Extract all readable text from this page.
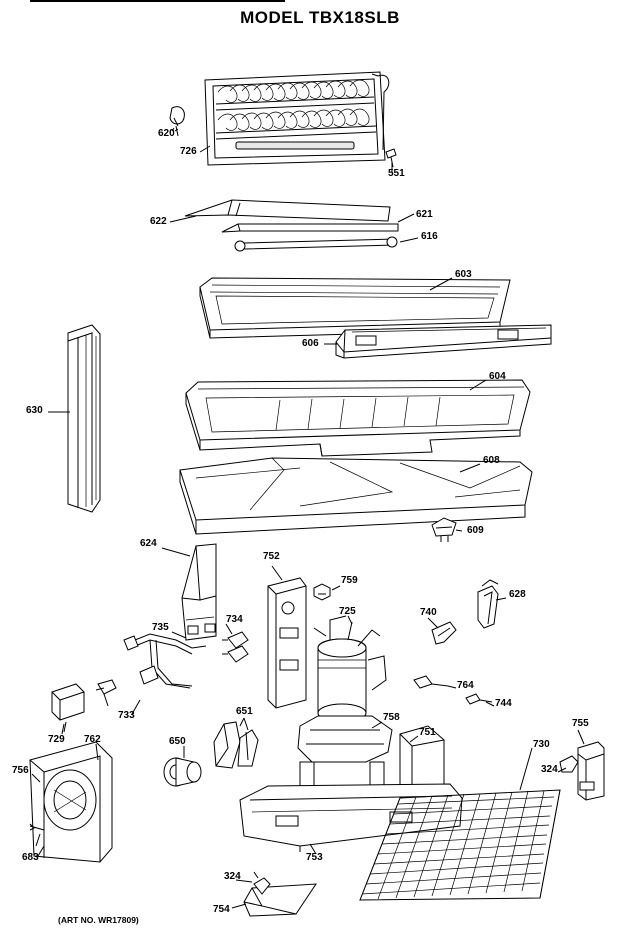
MODEL TBX18SLB
620
726
551
622
621
616
603
606
604
630
608
609
624
752
759
628
725	740
735
734
733
764
744
729 762
651
650
758
751
730
755
324
756
683	753
324
754
(ART NO. WR17809)
